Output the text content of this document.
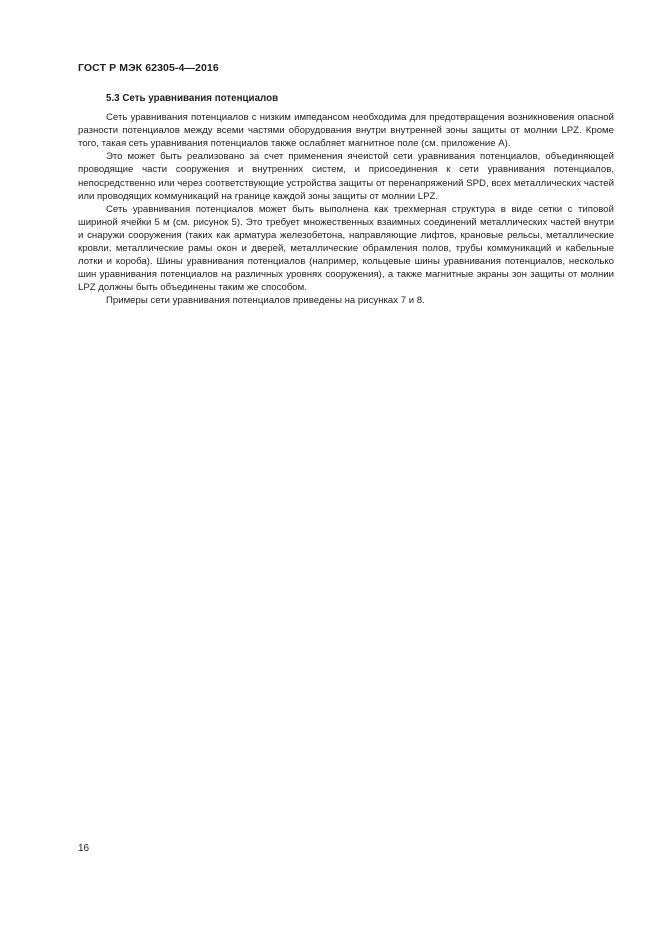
ГОСТ Р МЭК 62305-4—2016
5.3 Сеть уравнивания потенциалов

Сеть уравнивания потенциалов с низким импедансом необходима для предотвращения возникновения опасной разности потенциалов между всеми частями оборудования внутри внутренней зоны защиты от молнии LPZ. Кроме того, такая сеть уравнивания потенциалов также ослабляет магнитное поле (см. приложение А).

Это может быть реализовано за счет применения ячеистой сети уравнивания потенциалов, объединяющей проводящие части сооружения и внутренних систем, и присоединения к сети уравнивания потенциалов, непосредственно или через соответствующие устройства защиты от перенапряжений SPD, всех металлических частей или проводящих коммуникаций на границе каждой зоны защиты от молнии LPZ.

Сеть уравнивания потенциалов может быть выполнена как трехмерная структура в виде сетки с типовой шириной ячейки 5 м (см. рисунок 5). Это требует множественных взаимных соединений металлических частей внутри и снаружи сооружения (таких как арматура железобетона, направляющие лифтов, крановые рельсы, металлические кровли, металлические рамы окон и дверей, металлические обрамления полов, трубы коммуникаций и кабельные лотки и короба). Шины уравнивания потенциалов (например, кольцевые шины уравнивания потенциалов, несколько шин уравнивания потенциалов на различных уровнях сооружения), а также магнитные экраны зон защиты от молнии LPZ должны быть объединены таким же способом.

Примеры сети уравнивания потенциалов приведены на рисунках 7 и 8.

16
